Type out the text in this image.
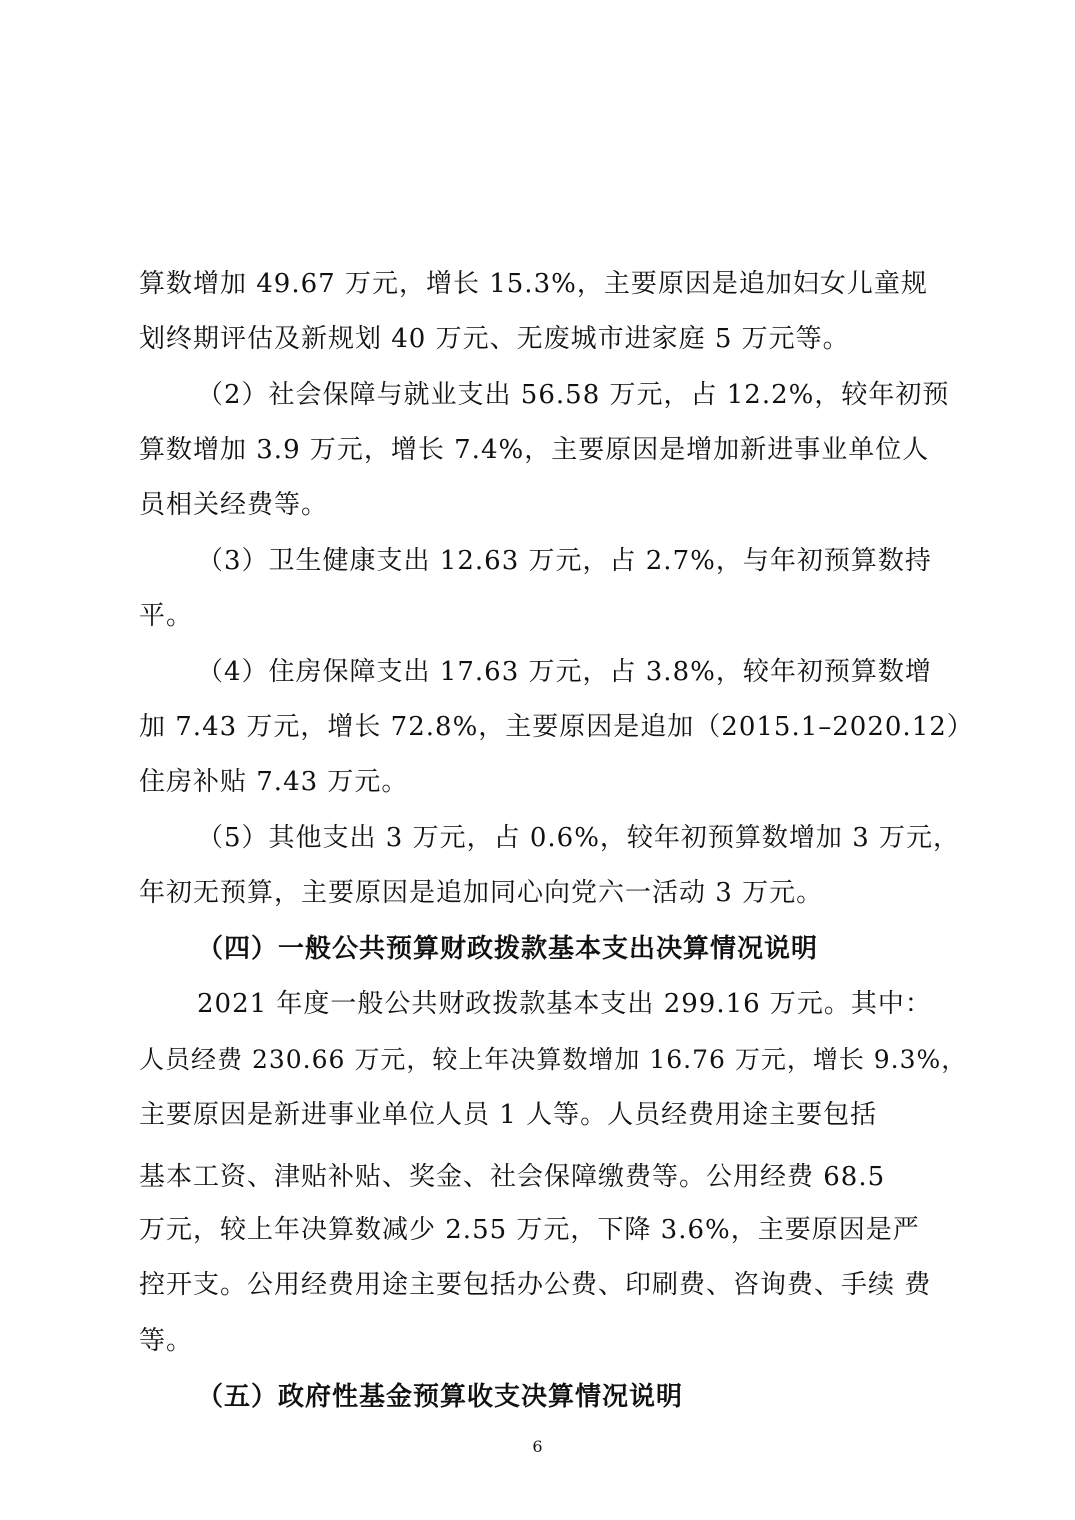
算数增加 49.67 万元，增长 15.3%，主要原因是追加妇女儿童规

划终期评估及新规划 40 万元、无废城市进家庭 5 万元等。

（2）社会保障与就业支出 56.58 万元，占 12.2%，较年初预

算数增加 3.9 万元，增长 7.4%，主要原因是增加新进事业单位人

员相关经费等。

（3）卫生健康支出 12.63 万元，占 2.7%，与年初预算数持

平。

（4）住房保障支出 17.63 万元，占 3.8%，较年初预算数增

加 7.43 万元，增长 72.8%，主要原因是追加（2015.1–2020.12）

住房补贴 7.43 万元。

（5）其他支出 3 万元，占 0.6%，较年初预算数增加 3 万元，

年初无预算，主要原因是追加同心向党六一活动 3 万元。

（四）一般公共预算财政拨款基本支出决算情况说明

2021 年度一般公共财政拨款基本支出 299.16 万元。其中：

人员经费 230.66 万元，较上年决算数增加 16.76 万元，增长 9.3%，

主要原因是新进事业单位人员 1 人等。人员经费用途主要包括

基本工资、津贴补贴、奖金、社会保障缴费等。公用经费 68.5

万元，较上年决算数减少 2.55 万元，下降 3.6%，主要原因是严

控开支。公用经费用途主要包括办公费、印刷费、咨询费、手续 费

等。

（五）政府性基金预算收支决算情况说明

6
